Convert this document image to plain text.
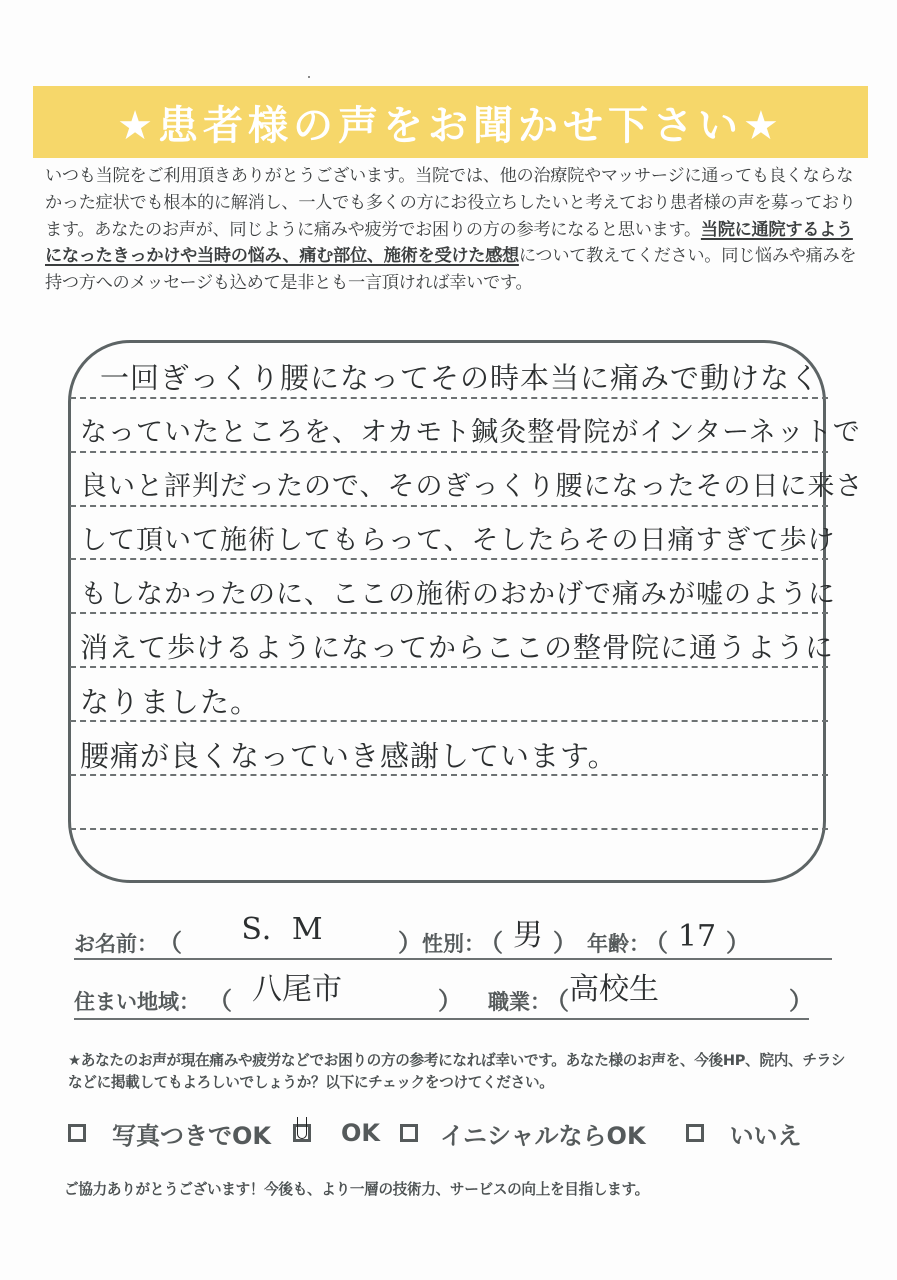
★患者様の声をお聞かせ下さい★
いつも当院をご利用頂きありがとうございます。当院では、他の治療院やマッサージに通っても良くならなかった症状でも根本的に解消し、一人でも多くの方にお役立ちしたいと考えており患者様の声を募っております。あなたのお声が、同じように痛みや疲労でお困りの方の参考になると思います。当院に通院するようになったきっかけや当時の悩み、痛む部位、施術を受けた感想について教えてください。同じ悩みや痛みを持つ方へのメッセージも込めて是非とも一言頂ければ幸いです。
一回ぎっくり腰になってその時本当に痛みで動けなく
なっていたところを、オカモト鍼灸整骨院がインターネットで
良いと評判だったので、そのぎっくり腰になったその日に来さ
して頂いて施術してもらって、そしたらその日痛すぎて歩け
もしなかったのに、ここの施術のおかげで痛みが嘘のように
消えて歩けるようになってからここの整骨院に通うように
なりました。
腰痛が良くなっていき感謝しています。
お名前： （	S．M	） 性別：
（ 男 ） 年齢：
（ 17 ）
住まい地域： （ 八尾市	） 職業：
（ 高校生	）
★あなたのお声が現在痛みや疲労などでお困りの方の参考になれば幸いです。あなた様のお声を、今後HP、院内、チラシなどに掲載してもよろしいでしょうか？以下にチェックをつけてください。
写真つきでOK	OK	イニシャルならOK	いいえ
ご協力ありがとうございます！今後も、より一層の技術力、サービスの向上を目指します。
